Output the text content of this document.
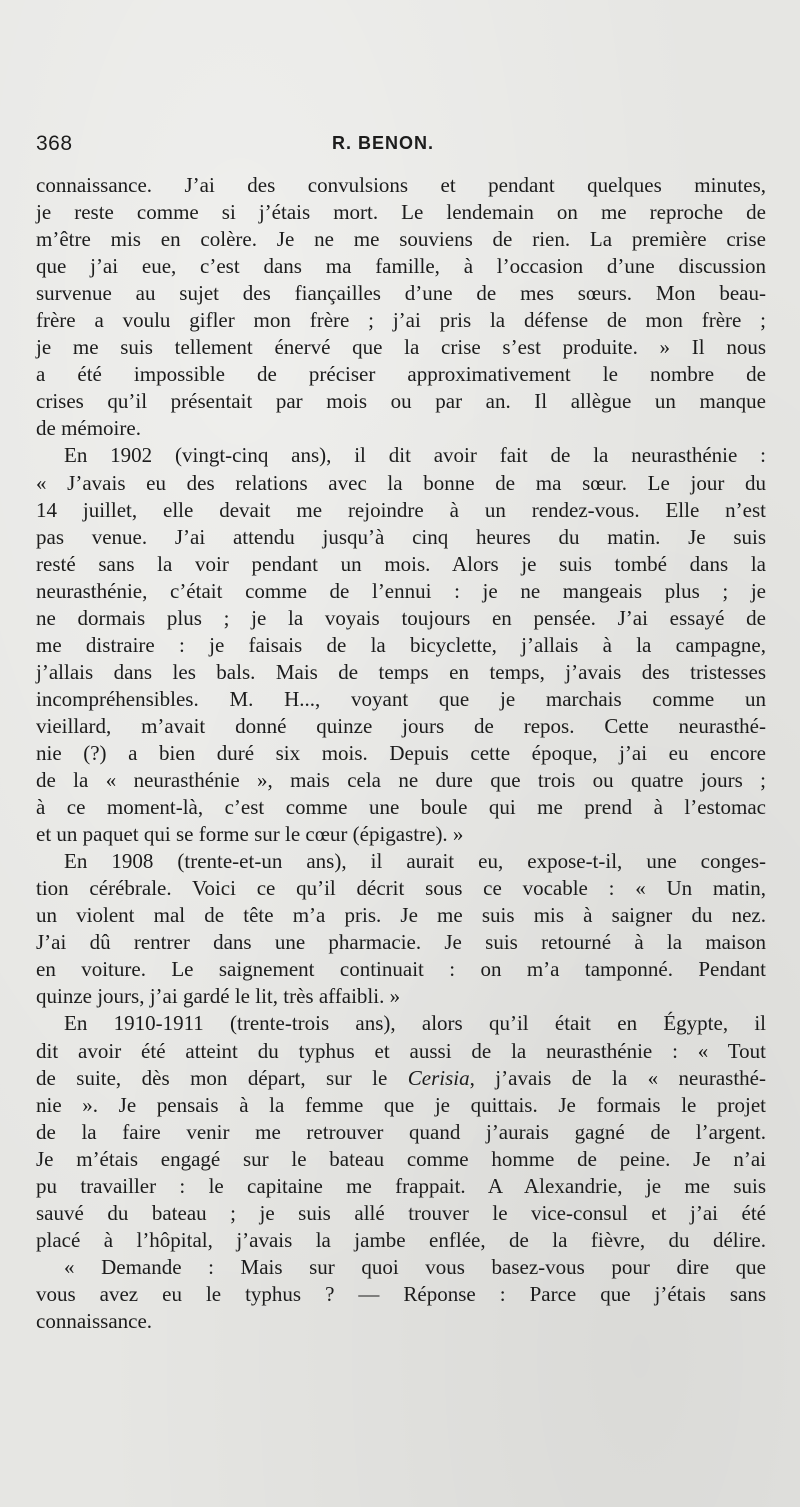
368	R. BENON.
connaissance. J’ai des convulsions et pendant quelques minutes,
je reste comme si j’étais mort. Le lendemain on me reproche de
m’être mis en colère. Je ne me souviens de rien. La première crise
que j’ai eue, c’est dans ma famille, à l’occasion d’une discussion
survenue au sujet des fiançailles d’une de mes sœurs. Mon beau-
frère a voulu gifler mon frère ; j’ai pris la défense de mon frère ;
je me suis tellement énervé que la crise s’est produite. » Il nous
a été impossible de préciser approximativement le nombre de
crises qu’il présentait par mois ou par an. Il allègue un manque
de mémoire.
En 1902 (vingt-cinq ans), il dit avoir fait de la neurasthénie :
« J’avais eu des relations avec la bonne de ma sœur. Le jour du
14 juillet, elle devait me rejoindre à un rendez-vous. Elle n’est
pas venue. J’ai attendu jusqu’à cinq heures du matin. Je suis
resté sans la voir pendant un mois. Alors je suis tombé dans la
neurasthénie, c’était comme de l’ennui : je ne mangeais plus ; je
ne dormais plus ; je la voyais toujours en pensée. J’ai essayé de
me distraire : je faisais de la bicyclette, j’allais à la campagne,
j’allais dans les bals. Mais de temps en temps, j’avais des tristesses
incompréhensibles. M. H..., voyant que je marchais comme un
vieillard, m’avait donné quinze jours de repos. Cette neurasthé-
nie (?) a bien duré six mois. Depuis cette époque, j’ai eu encore
de la « neurasthénie », mais cela ne dure que trois ou quatre jours ;
à ce moment-là, c’est comme une boule qui me prend à l’estomac
et un paquet qui se forme sur le cœur (épigastre). »
En 1908 (trente-et-un ans), il aurait eu, expose-t-il, une conges-
tion cérébrale. Voici ce qu’il décrit sous ce vocable : « Un matin,
un violent mal de tête m’a pris. Je me suis mis à saigner du nez.
J’ai dû rentrer dans une pharmacie. Je suis retourné à la maison
en voiture. Le saignement continuait : on m’a tamponné. Pendant
quinze jours, j’ai gardé le lit, très affaibli. »
En 1910-1911 (trente-trois ans), alors qu’il était en Égypte, il
dit avoir été atteint du typhus et aussi de la neurasthénie : « Tout
de suite, dès mon départ, sur le Cerisia, j’avais de la « neurasthé-
nie ». Je pensais à la femme que je quittais. Je formais le projet
de la faire venir me retrouver quand j’aurais gagné de l’argent.
Je m’étais engagé sur le bateau comme homme de peine. Je n’ai
pu travailler : le capitaine me frappait. A Alexandrie, je me suis
sauvé du bateau ; je suis allé trouver le vice-consul et j’ai été
placé à l’hôpital, j’avais la jambe enflée, de la fièvre, du délire.
« Demande : Mais sur quoi vous basez-vous pour dire que
vous avez eu le typhus ? — Réponse : Parce que j’étais sans
connaissance.
